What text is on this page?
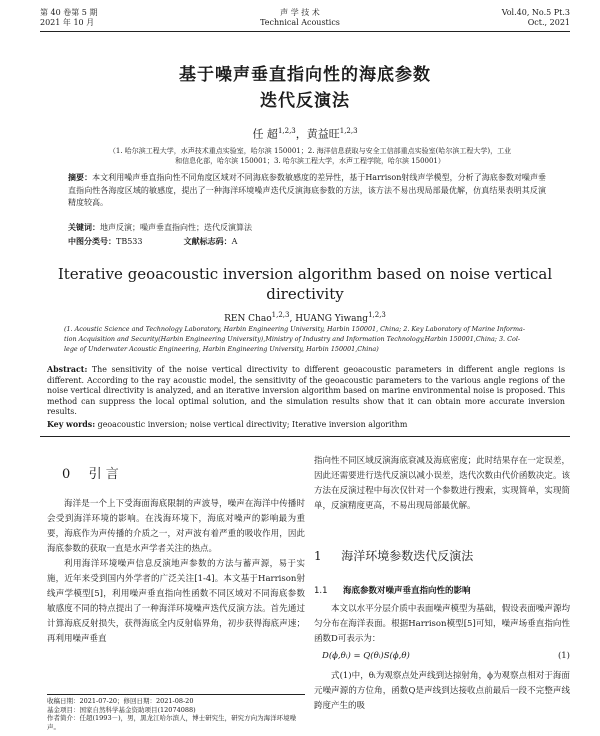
第 40 卷第 5 期
2021 年 10 月
声 学 技 术
Technical Acoustics
Vol.40, No.5 Pt.3
Oct., 2021
基于噪声垂直指向性的海底参数
迭代反演法
任 超$^{1,2,3}$，黄益旺$^{1,2,3}$
（1. 哈尔滨工程大学，水声技术重点实验室，哈尔滨 150001；2. 海洋信息获取与安全工信部重点实验室(哈尔滨工程大学)，工业
和信息化部，哈尔滨 150001；3. 哈尔滨工程大学，水声工程学院，哈尔滨 150001）
摘要：本文利用噪声垂直指向性不同角度区域对不同海底参数敏感度的差异性，基于Harrison射线声学模型，分析了海底参数对噪声垂直指向性各海度区域的敏感度，提出了一种海洋环境噪声迭代反演海底参数的方法，该方法不易出现局部最优解，仿真结果表明其反演精度较高。
关键词：地声反演；噪声垂直指向性；迭代反演算法
中图分类号：TB533	文献标志码：A
Iterative geoacoustic inversion algorithm based on noise vertical
directivity
REN Chao$^{1,2,3}$, HUANG Yiwang$^{1,2,3}$
(1. Acoustic Science and Technology Laboratory, Harbin Engineering University, Harbin 150001, China; 2. Key Laboratory of Marine Informa-
tion Acquisition and Security(Harbin Engineering University),Ministry of Industry and Information Technology,Harbin 150001,China; 3. Col-
lege of Underwater Acoustic Engineering, Harbin Engineering University, Harbin 150001,China)
Abstract: The sensitivity of the noise vertical directivity to different geoacoustic parameters in different angle regions is different. According to the ray acoustic model, the sensitivity of the geoacoustic parameters to the various angle regions of the noise vertical directivity is analyzed, and an iterative inversion algorithm based on marine environmental noise is proposed. This method can suppress the local optimal solution, and the simulation results show that it can obtain more accurate inversion results.
Key words: geoacoustic inversion; noise vertical directivity; Iterative inversion algorithm
0 引 言
海洋是一个上下受海面海底限制的声波导，噪声在海洋中传播时会受到海洋环境的影响。在浅海环境下，海底对噪声的影响最为重要，海底作为声传播的介质之一，对声波有着严重的吸收作用，因此海底参数的获取一直是水声学者关注的热点。
利用海洋环境噪声信息反演地声参数的方法与蓄声源，易于实施，近年来受到国内外学者的广泛关注[1-4]。本文基于Harrison射线声学模型[5]，利用噪声垂直指向性函数不同区域对不同海底参数敏感度不同的特点提出了一种海洋环境噪声迭代反演方法。首先通过计算海底反射损失，获得海底全内反射临界角，初步获得海底声速；再利用噪声垂直
指向性不同区域反演海底衰减及海底密度；此时结果存在一定误差，因此还需要进行迭代反演以减小误差，迭代次数由代价函数决定。该方法在反演过程中每次仅针对一个参数进行搜索，实现简单，实现简单，反演精度更高，不易出现局部最优解。
1 海洋环境参数迭代反演法
1.1 海底参数对噪声垂直指向性的影响
本文以水平分层介质中表面噪声模型为基础，假设表面噪声源均匀分布在海洋表面。根据Harrison模型[5]可知，噪声场垂直指向性函数D可表示为：
D(ϕ,θᵢ) = Q(θᵢ)S(ϕ,θ)	(1)
式(1)中，θᵢ为观察点处声线到达掠射角，ϕ为观察点相对于海面元噪声源的方位角，函数Q是声线到达接收点前最后一段不完整声线跨度产生的吸
收稿日期：2021-07-20；修回日期：2021-08-20
基金项目：国家自然科学基金资助项目(12074088)
作者简介：任超(1993－)，男，黑龙江哈尔滨人，博士研究生，研究方向为海洋环境噪声。
